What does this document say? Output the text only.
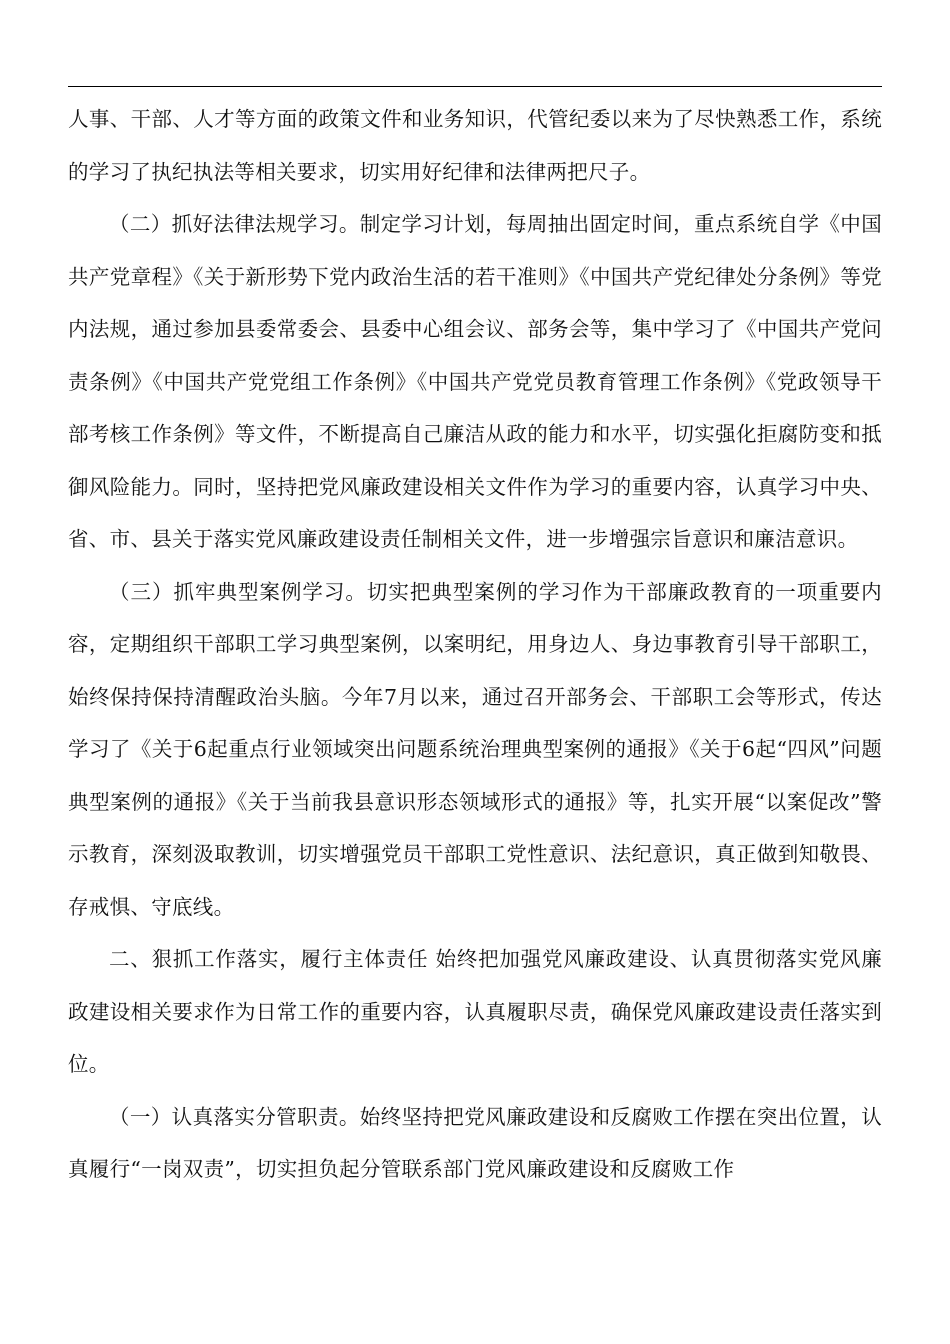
人事、干部、人才等方面的政策文件和业务知识，代管纪委以来为了尽快熟悉工作，系统的学习了执纪执法等相关要求，切实用好纪律和法律两把尺子。

（二）抓好法律法规学习。制定学习计划，每周抽出固定时间，重点系统自学《中国共产党章程》《关于新形势下党内政治生活的若干准则》《中国共产党纪律处分条例》等党内法规，通过参加县委常委会、县委中心组会议、部务会等，集中学习了《中国共产党问责条例》《中国共产党党组工作条例》《中国共产党党员教育管理工作条例》《党政领导干部考核工作条例》等文件，不断提高自己廉洁从政的能力和水平，切实强化拒腐防变和抵御风险能力。同时，坚持把党风廉政建设相关文件作为学习的重要内容，认真学习中央、省、市、县关于落实党风廉政建设责任制相关文件，进一步增强宗旨意识和廉洁意识。

（三）抓牢典型案例学习。切实把典型案例的学习作为干部廉政教育的一项重要内容，定期组织干部职工学习典型案例，以案明纪，用身边人、身边事教育引导干部职工，始终保持保持清醒政治头脑。今年7月以来，通过召开部务会、干部职工会等形式，传达学习了《关于6起重点行业领域突出问题系统治理典型案例的通报》《关于6起“四风”问题典型案例的通报》《关于当前我县意识形态领域形式的通报》等，扎实开展“以案促改”警示教育，深刻汲取教训，切实增强党员干部职工党性意识、法纪意识，真正做到知敬畏、存戒惧、守底线。

二、狠抓工作落实，履行主体责任 始终把加强党风廉政建设、认真贯彻落实党风廉政建设相关要求作为日常工作的重要内容，认真履职尽责，确保党风廉政建设责任落实到位。

（一）认真落实分管职责。始终坚持把党风廉政建设和反腐败工作摆在突出位置，认真履行“一岗双责”，切实担负起分管联系部门党风廉政建设和反腐败工作
